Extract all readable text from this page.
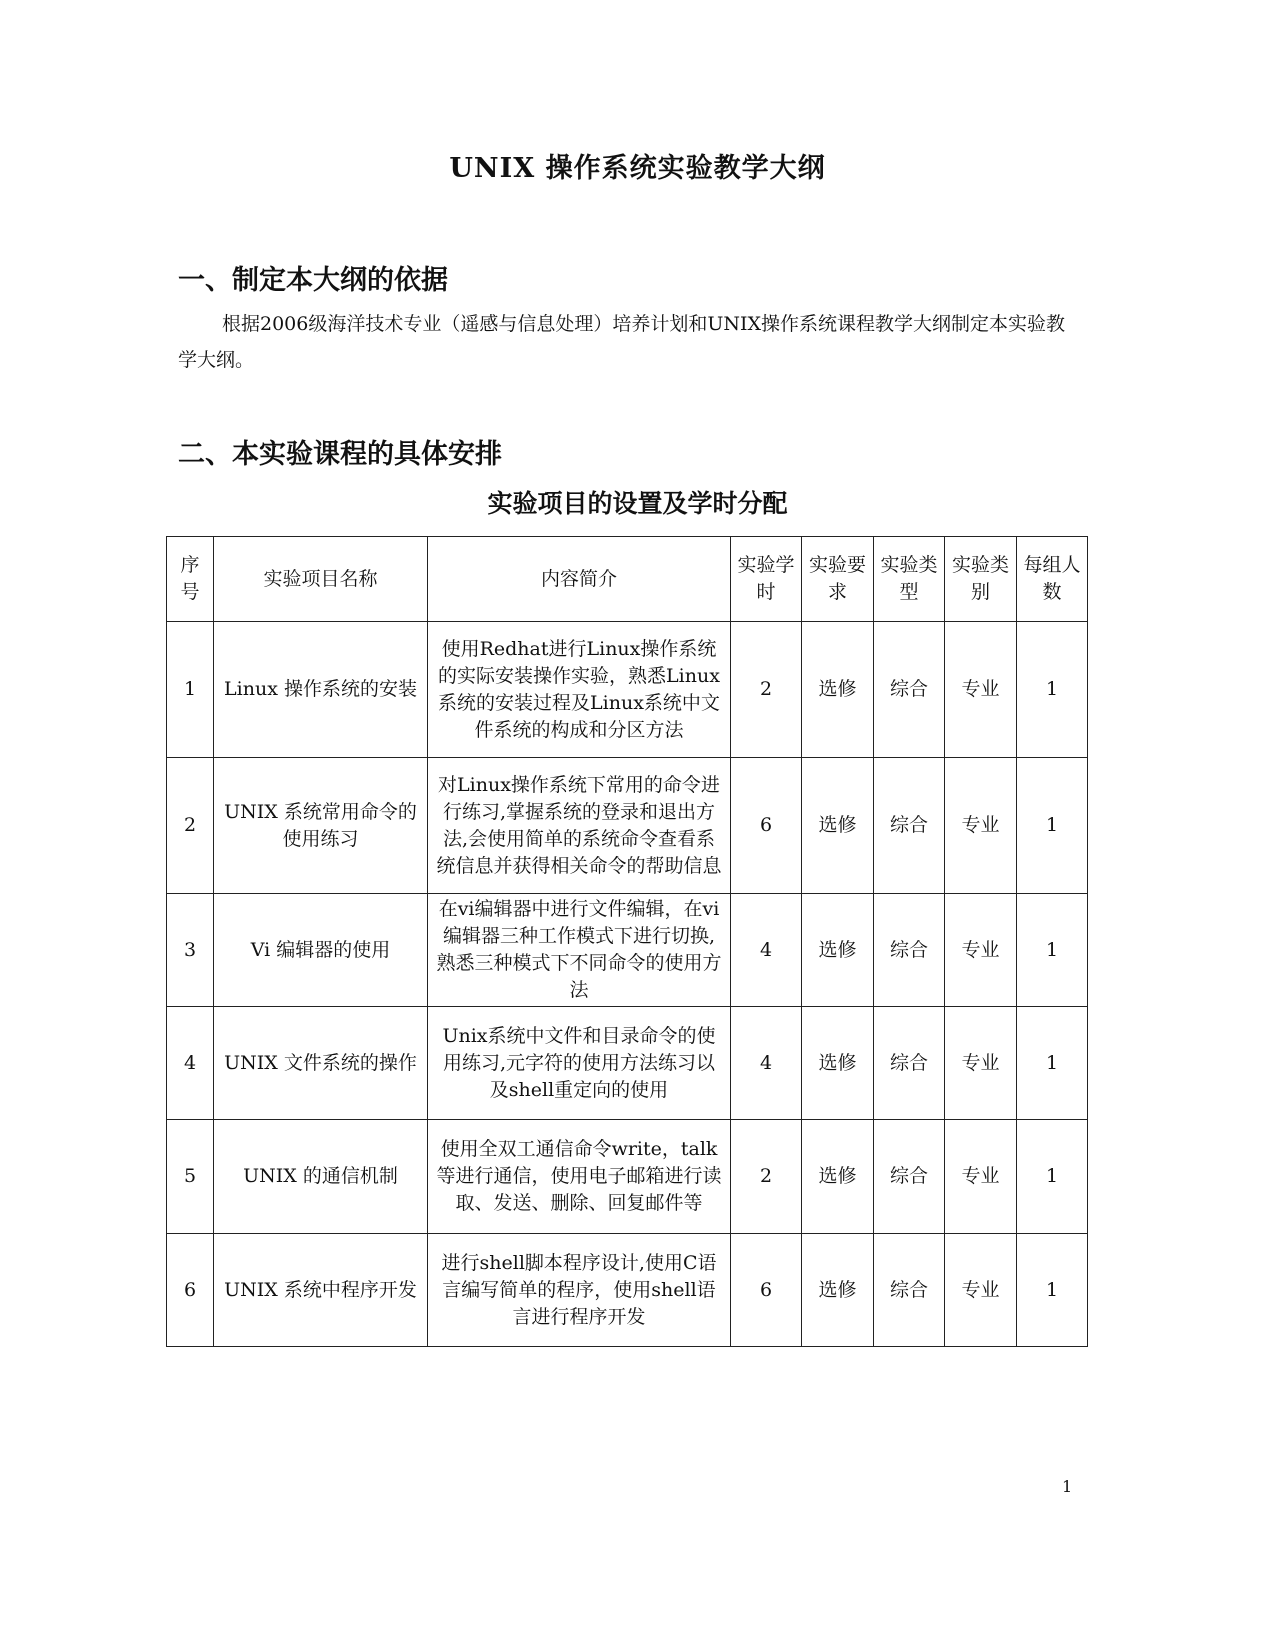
UNIX 操作系统实验教学大纲
一、制定本大纲的依据
根据2006级海洋技术专业（遥感与信息处理）培养计划和UNIX操作系统课程教学大纲制定本实验教学大纲。
二、本实验课程的具体安排
实验项目的设置及学时分配
序号	实验项目名称	内容简介	实验学时	实验要求	实验类型	实验类别	每组人数
1	Linux 操作系统的安装	使用Redhat进行Linux操作系统的实际安装操作实验，熟悉Linux系统的安装过程及Linux系统中文件系统的构成和分区方法	2	选修	综合	专业	1
2	UNIX 系统常用命令的使用练习	对Linux操作系统下常用的命令进行练习,掌握系统的登录和退出方法,会使用简单的系统命令查看系统信息并获得相关命令的帮助信息	6	选修	综合	专业	1
3	Vi 编辑器的使用	在vi编辑器中进行文件编辑，在vi编辑器三种工作模式下进行切换,熟悉三种模式下不同命令的使用方法	4	选修	综合	专业	1
4	UNIX 文件系统的操作	Unix系统中文件和目录命令的使用练习,元字符的使用方法练习以及shell重定向的使用	4	选修	综合	专业	1
5	UNIX 的通信机制	使用全双工通信命令write，talk等进行通信，使用电子邮箱进行读取、发送、删除、回复邮件等	2	选修	综合	专业	1
6	UNIX 系统中程序开发	进行shell脚本程序设计,使用C语言编写简单的程序，使用shell语言进行程序开发	6	选修	综合	专业	1
1
